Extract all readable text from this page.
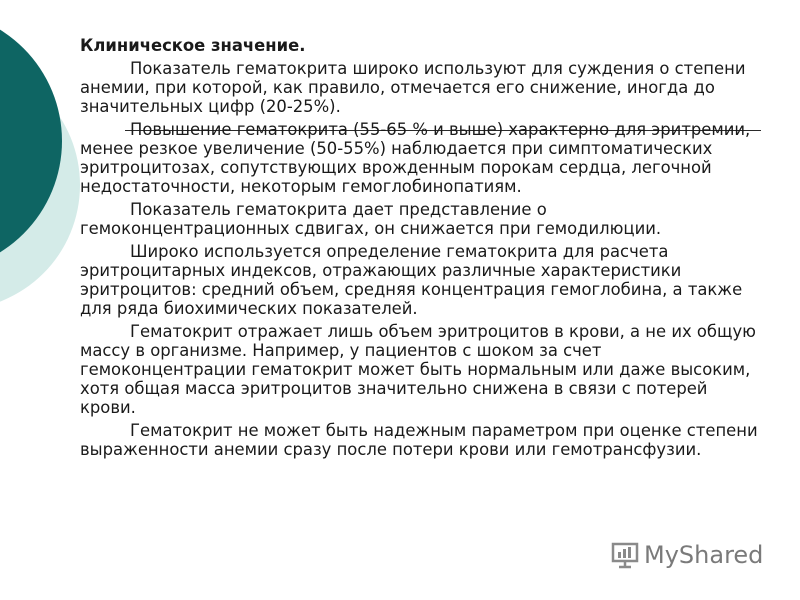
Клиническое значение.

Показатель гематокрита широко используют для суждения о степени анемии, при которой, как правило, отмечается его снижение, иногда до значительных цифр (20-25%).

Повышение гематокрита (55-65 % и выше) характерно для эритремии, менее резкое увеличение (50-55%) наблюдается при симптоматических эритроцитозах, сопутствующих врожденным порокам сердца, легочной недостаточности, некоторым гемоглобинопатиям.

Показатель гематокрита дает представление о гемоконцентрационных сдвигах, он снижается при гемодилюции.

Широко используется определение гематокрита для расчета эритроцитарных индексов, отражающих различные характеристики эритроцитов: средний объем, средняя концентрация гемоглобина, а также для ряда биохимических показателей.

Гематокрит отражает лишь объем эритроцитов в крови, а не их общую массу в организме. Например, у пациентов с шоком за счет гемоконцентрации гематокрит может быть нормальным или даже высоким, хотя общая масса эритроцитов значительно снижена в связи с потерей крови.

Гематокрит не может быть надежным параметром при оценке степени выраженности анемии сразу после потери крови или гемотрансфузии.

MyShared
